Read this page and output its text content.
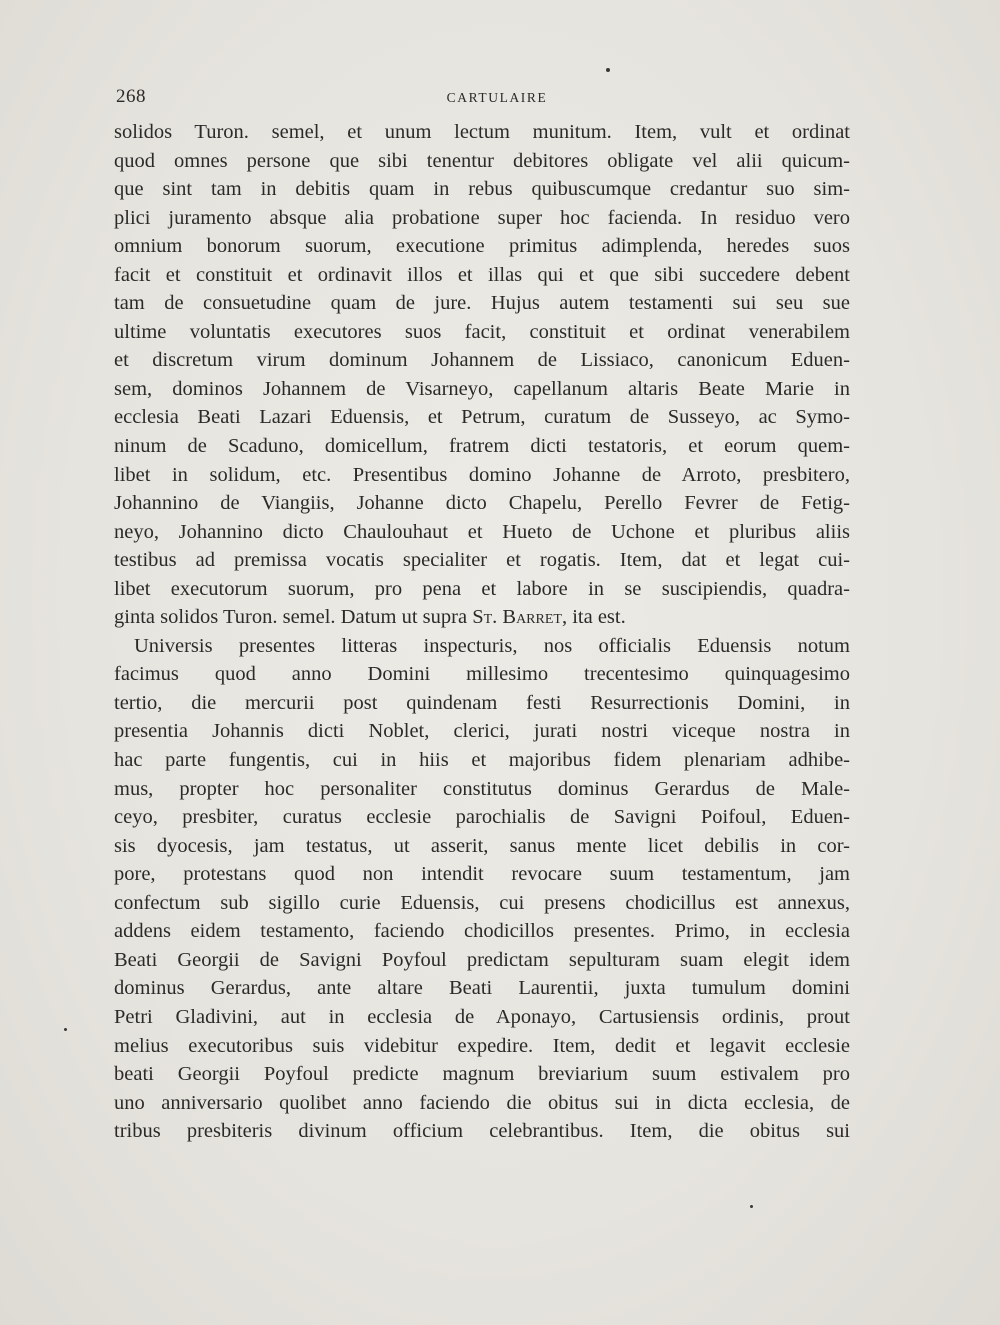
268	CARTULAIRE
solidos Turon. semel, et unum lectum munitum. Item, vult et ordinat
quod omnes persone que sibi tenentur debitores obligate vel alii quicum-
que sint tam in debitis quam in rebus quibuscumque credantur suo sim-
plici juramento absque alia probatione super hoc facienda. In residuo vero
omnium bonorum suorum, executione primitus adimplenda, heredes suos
facit et constituit et ordinavit illos et illas qui et que sibi succedere debent
tam de consuetudine quam de jure. Hujus autem testamenti sui seu sue
ultime voluntatis executores suos facit, constituit et ordinat venerabilem
et discretum virum dominum Johannem de Lissiaco, canonicum Eduen-
sem, dominos Johannem de Visarneyo, capellanum altaris Beate Marie in
ecclesia Beati Lazari Eduensis, et Petrum, curatum de Susseyo, ac Symo-
ninum de Scaduno, domicellum, fratrem dicti testatoris, et eorum quem-
libet in solidum, etc. Presentibus domino Johanne de Arroto, presbitero,
Johannino de Viangiis, Johanne dicto Chapelu, Perello Fevrer de Fetig-
neyo, Johannino dicto Chaulouhaut et Hueto de Uchone et pluribus aliis
testibus ad premissa vocatis specialiter et rogatis. Item, dat et legat cui-
libet executorum suorum, pro pena et labore in se suscipiendis, quadra-
ginta solidos Turon. semel. Datum ut supra St. Barret, ita est.
Universis presentes litteras inspecturis, nos officialis Eduensis notum
facimus quod anno Domini millesimo trecentesimo quinquagesimo
tertio, die mercurii post quindenam festi Resurrectionis Domini, in
presentia Johannis dicti Noblet, clerici, jurati nostri viceque nostra in
hac parte fungentis, cui in hiis et majoribus fidem plenariam adhibe-
mus, propter hoc personaliter constitutus dominus Gerardus de Male-
ceyo, presbiter, curatus ecclesie parochialis de Savigni Poifoul, Eduen-
sis dyocesis, jam testatus, ut asserit, sanus mente licet debilis in cor-
pore, protestans quod non intendit revocare suum testamentum, jam
confectum sub sigillo curie Eduensis, cui presens chodicillus est annexus,
addens eidem testamento, faciendo chodicillos presentes. Primo, in ecclesia
Beati Georgii de Savigni Poyfoul predictam sepulturam suam elegit idem
dominus Gerardus, ante altare Beati Laurentii, juxta tumulum domini
Petri Gladivini, aut in ecclesia de Aponayo, Cartusiensis ordinis, prout
melius executoribus suis videbitur expedire. Item, dedit et legavit ecclesie
beati Georgii Poyfoul predicte magnum breviarium suum estivalem pro
uno anniversario quolibet anno faciendo die obitus sui in dicta ecclesia, de
tribus presbiteris divinum officium celebrantibus. Item, die obitus sui
